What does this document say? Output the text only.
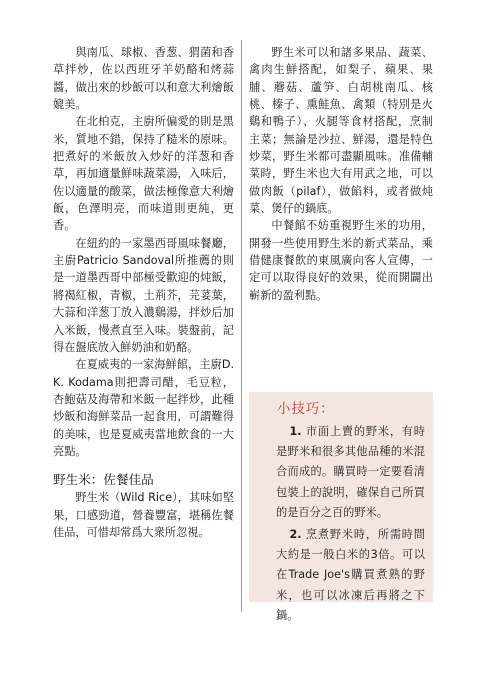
與南瓜、球椒、香葱、猬菌和香草拌炒，佐以西班牙羊奶酪和烤蒜醬，做出來的炒飯可以和意大利燴飯媲美。

在北柏克，主廚所偏愛的則是黑米，質地不錯，保持了糙米的原味。把煮好的米飯放入炒好的洋葱和香草，再加適量鮮味蔬菜湯，入味后，佐以適量的酸菜，做法極像意大利燴飯，色澤明亮，而味道則更純，更香。

在紐約的一家墨西哥風味餐廳，主廚Patricio Sandoval所推薦的則是一道墨西哥中部極受歡迎的炖飯，將褐紅椒，青椒，土荊芥，芫荽葉，大蒜和洋葱丁放入濃鷄湯，拌炒后加入米飯，慢煮直至入味。裝盤前，記得在盤底放入鮮奶油和奶酪。

在夏威夷的一家海鮮館，主廚D.K. Kodama則把壽司醋，毛豆粒，杏鮑菇及海帶和米飯一起拌炒，此種炒飯和海鮮菜品一起食用，可謂難得的美味，也是夏威夷當地飲食的一大亮點。

野生米：佐餐佳品

野生米（Wild Rice），其味如堅果，口感勁道，營養豐富，堪稱佐餐佳品，可惜却常爲大衆所忽視。

野生米可以和諸多果品、蔬菜、禽肉生鮮搭配，如梨子、蘋果、果脯、蘑菇、蘆笋、白胡桃南瓜、核桃、榛子、熏鮭魚、禽類（特別是火鷄和鴨子）、火腿等食材搭配，烹制主菜；無論是沙拉、鮮湯，還是特色炒菜，野生米都可盡顯風味。准備輔菜時，野生米也大有用武之地，可以做肉飯（pilaf），做餡料，或者做炖菜、煲仔的鍋底。

中餐館不妨重視野生米的功用，開發一些使用野生米的新式菜品，乘借健康餐飲的東風廣向客人宣傳，一定可以取得良好的效果，從而開闢出嶄新的盈利點。

小技巧：

1. 市面上賣的野米，有時是野米和很多其他品種的米混合而成的。購買時一定要看清包裝上的說明，確保自己所買的是百分之百的野米。

2. 烹煮野米時，所需時間大約是一般白米的3倍。可以在Trade Joe's購買煮熟的野米，也可以冰凍后再將之下鍋。
